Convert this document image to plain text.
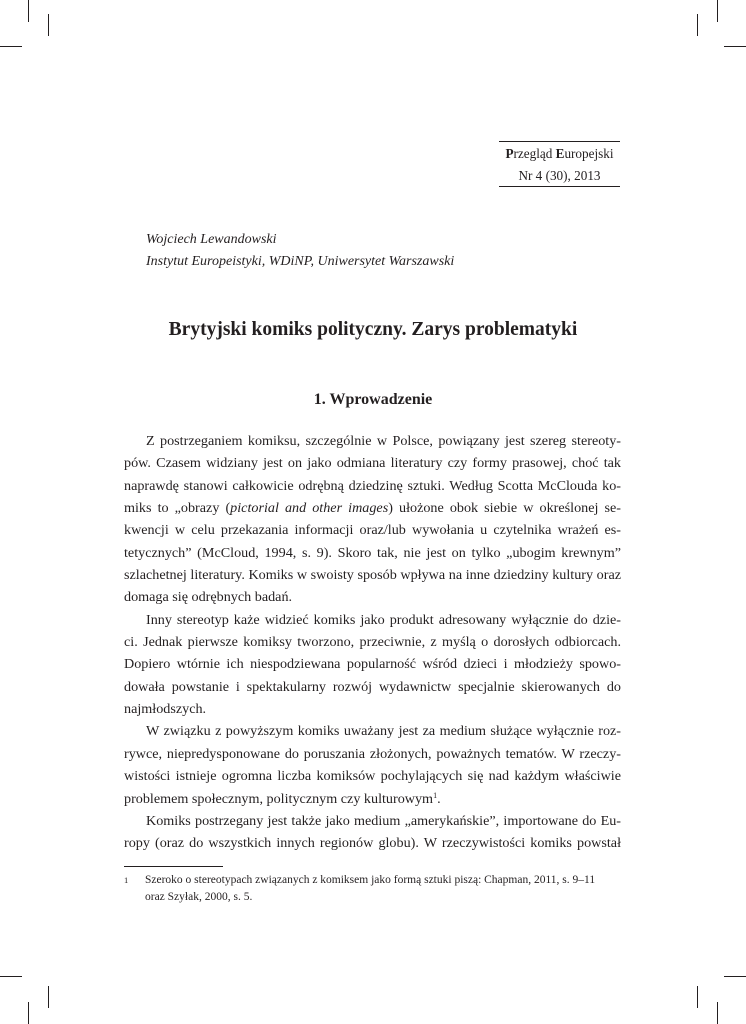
Przegląd Europejski
Nr 4 (30), 2013
Wojciech Lewandowski
Instytut Europeistyki, WDiNP, Uniwersytet Warszawski
Brytyjski komiks polityczny. Zarys problematyki
1. Wprowadzenie
Z postrzeganiem komiksu, szczególnie w Polsce, powiązany jest szereg stereoty-
pów. Czasem widziany jest on jako odmiana literatury czy formy prasowej, choć tak
naprawdę stanowi całkowicie odrębną dziedzinę sztuki. Według Scotta McClouda ko-
miks to „obrazy (pictorial and other images) ułożone obok siebie w określonej se-
kwencji w celu przekazania informacji oraz/lub wywołania u czytelnika wrażeń es-
tetycznych” (McCloud, 1994, s. 9). Skoro tak, nie jest on tylko „ubogim krewnym”
szlachetnej literatury. Komiks w swoisty sposób wpływa na inne dziedziny kultury oraz
domaga się odrębnych badań.
Inny stereotyp każe widzieć komiks jako produkt adresowany wyłącznie do dzie-
ci. Jednak pierwsze komiksy tworzono, przeciwnie, z myślą o dorosłych odbiorcach.
Dopiero wtórnie ich niespodziewana popularność wśród dzieci i młodzieży spowo-
dowała powstanie i spektakularny rozwój wydawnictw specjalnie skierowanych do
najmłodszych.
W związku z powyższym komiks uważany jest za medium służące wyłącznie roz-
rywce, niepredysponowane do poruszania złożonych, poważnych tematów. W rzeczy-
wistości istnieje ogromna liczba komiksów pochylających się nad każdym właściwie
problemem społecznym, politycznym czy kulturowym$^1$.
Komiks postrzegany jest także jako medium „amerykańskie”, importowane do Eu-
ropy (oraz do wszystkich innych regionów globu). W rzeczywistości komiks powstał
1 Szeroko o stereotypach związanych z komiksem jako formą sztuki piszą: Chapman, 2011, s. 9–11
oraz Szyłak, 2000, s. 5.
